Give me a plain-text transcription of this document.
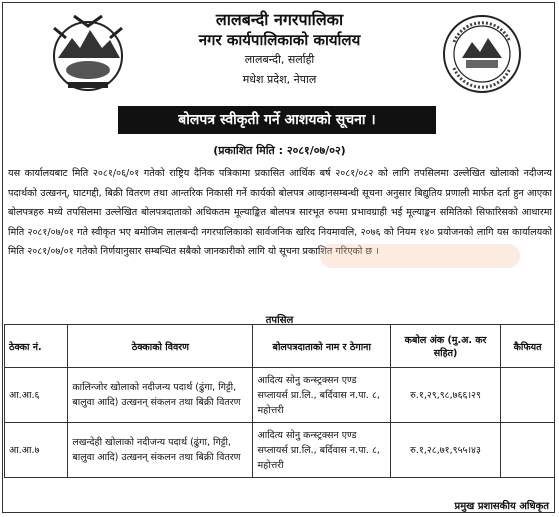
लालबन्दी नगरपालिका
नगर कार्यपालिकाको कार्यालय
लालबन्दी, सर्लाही
मधेश प्रदेश, नेपाल
बोलपत्र स्वीकृती गर्ने आशयको सूचना ।
(प्रकाशित मिति : २०८१/०७/०२)
यस कार्यालयबाट मिति २०८१/०६/०१ गतेको राष्ट्रिय दैनिक पत्रिकामा प्रकासित आर्थिक बर्ष २०८१/०८२ को लागि तपसिलमा उल्लेखित खोलाको नदीजन्य पदार्थको उत्खनन्, घाटगद्दी, बिक्री वितरण तथा आन्तरिक निकासी गर्ने कार्यको बोलपत्र आव्हानसम्बन्धी सूचना अनुसार बिद्युतिय प्रणाली मार्फत दर्ता हुन आएका बोलपत्रहरु मध्ये तपसिलमा उल्लेखित बोलपत्रदाताको अधिकतम मूल्याङ्कित बोलपत्र सारभूत रुपमा प्रभावग्राही भई मूल्याङ्कन समितिको सिफारिसको आधारमा मिति २०८१/०७/०१ गते स्वीकृत भए बमोजिम लालबन्दी नगरपालिकाको सार्वजनिक खरिद नियमावलि, २०७६ को नियम १४० प्रयोजनको लागि यस कार्यालयको मिति २०८१/०७/०१ गतेको निर्णयानुसार सम्बन्धित सबैको जानकारीको लागि यो सूचना प्रकाशित गरिएको छ ।
तपसिल
ठेक्का नं.	ठेक्काको विवरण	बोलपत्रदाताको नाम र ठेगाना	कबोल अंक (मु.अ. कर सहित)	कैफियत
आ.आ.६	कालिन्जोर खोलाको नदीजन्य पदार्थ (ढुंगा, गिट्टी, बालुवा आदि) उत्खनन् संकलन तथा बिक्री वितरण	आदित्य सोनु कन्स्ट्रक्सन एण्ड सप्लायर्स प्रा.लि., बर्दिवास न.पा. ८, महोत्तरी	रु.१,२९,९८,७६६।२९	
आ.आ.७	लखन्देही खोलाको नदीजन्य पदार्थ (ढुंगा, गिट्टी, बालुवा आदि) उत्खनन् संकलन तथा बिक्री वितरण	आदित्य सोनु कन्स्ट्रक्सन एण्ड सप्लायर्स प्रा.लि., बर्दिवास न.पा. ८, महोत्तरी	रु.१,२८,७१,९५५।४३	
प्रमुख प्रशासकीय अधिकृत
